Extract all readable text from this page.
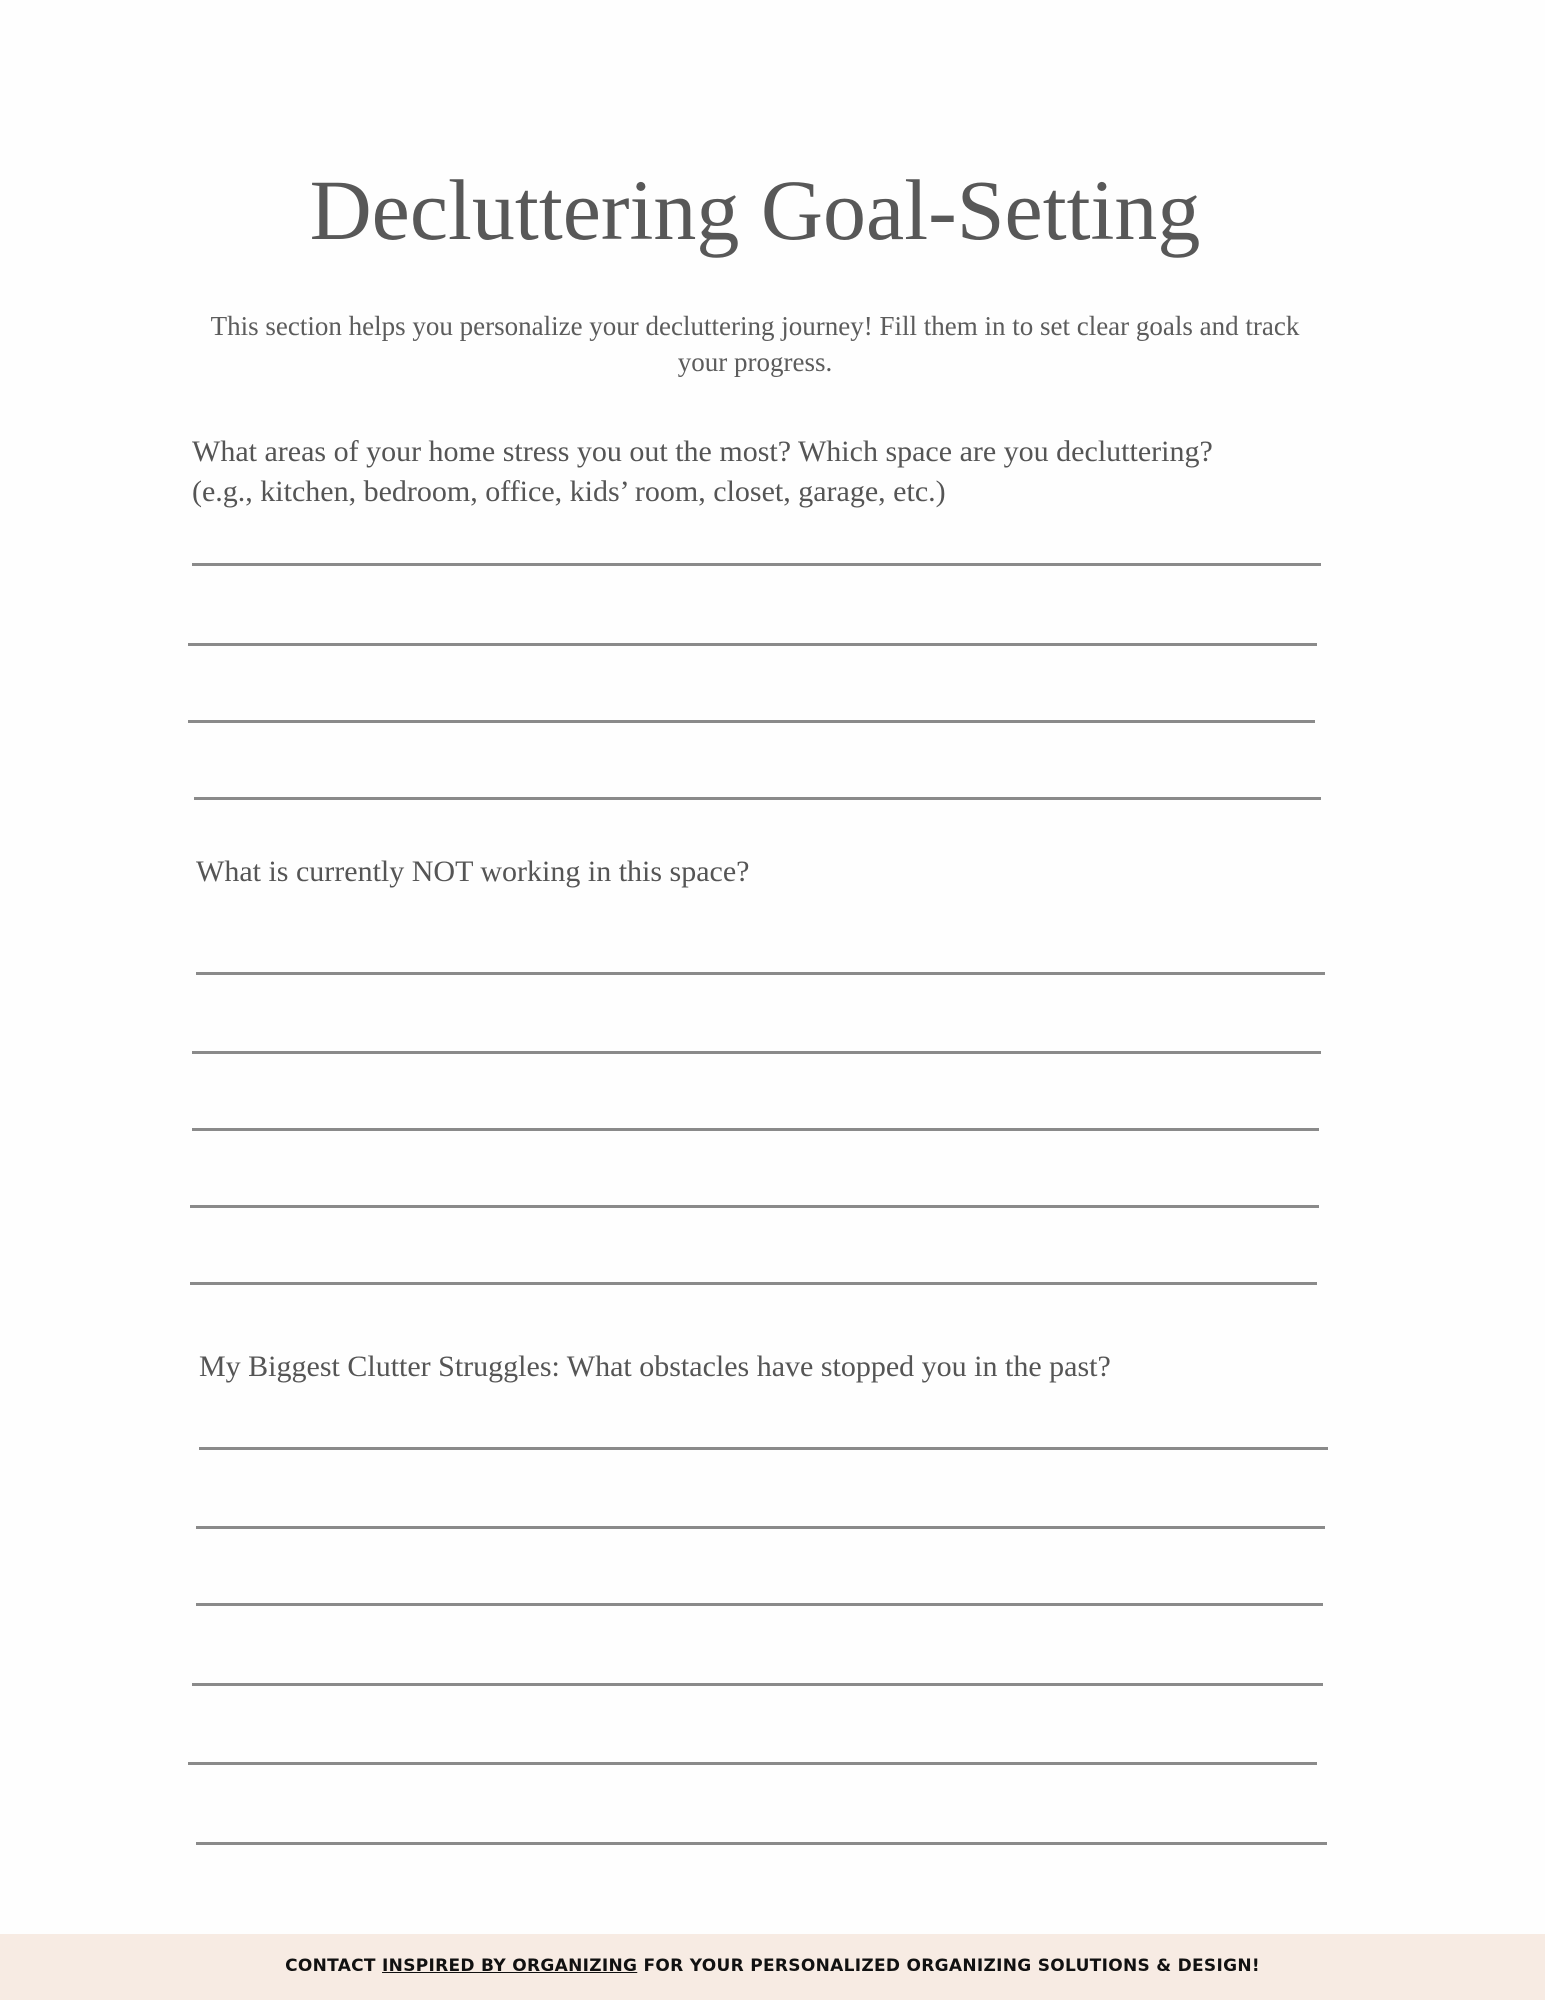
Decluttering Goal-Setting

This section helps you personalize your decluttering journey! Fill them in to set clear goals and track your progress.

What areas of your home stress you out the most? Which space are you decluttering? (e.g., kitchen, bedroom, office, kids’ room, closet, garage, etc.)

What is currently NOT working in this space?

My Biggest Clutter Struggles: What obstacles have stopped you in the past?

CONTACT INSPIRED BY ORGANIZING FOR YOUR PERSONALIZED ORGANIZING SOLUTIONS & DESIGN!
